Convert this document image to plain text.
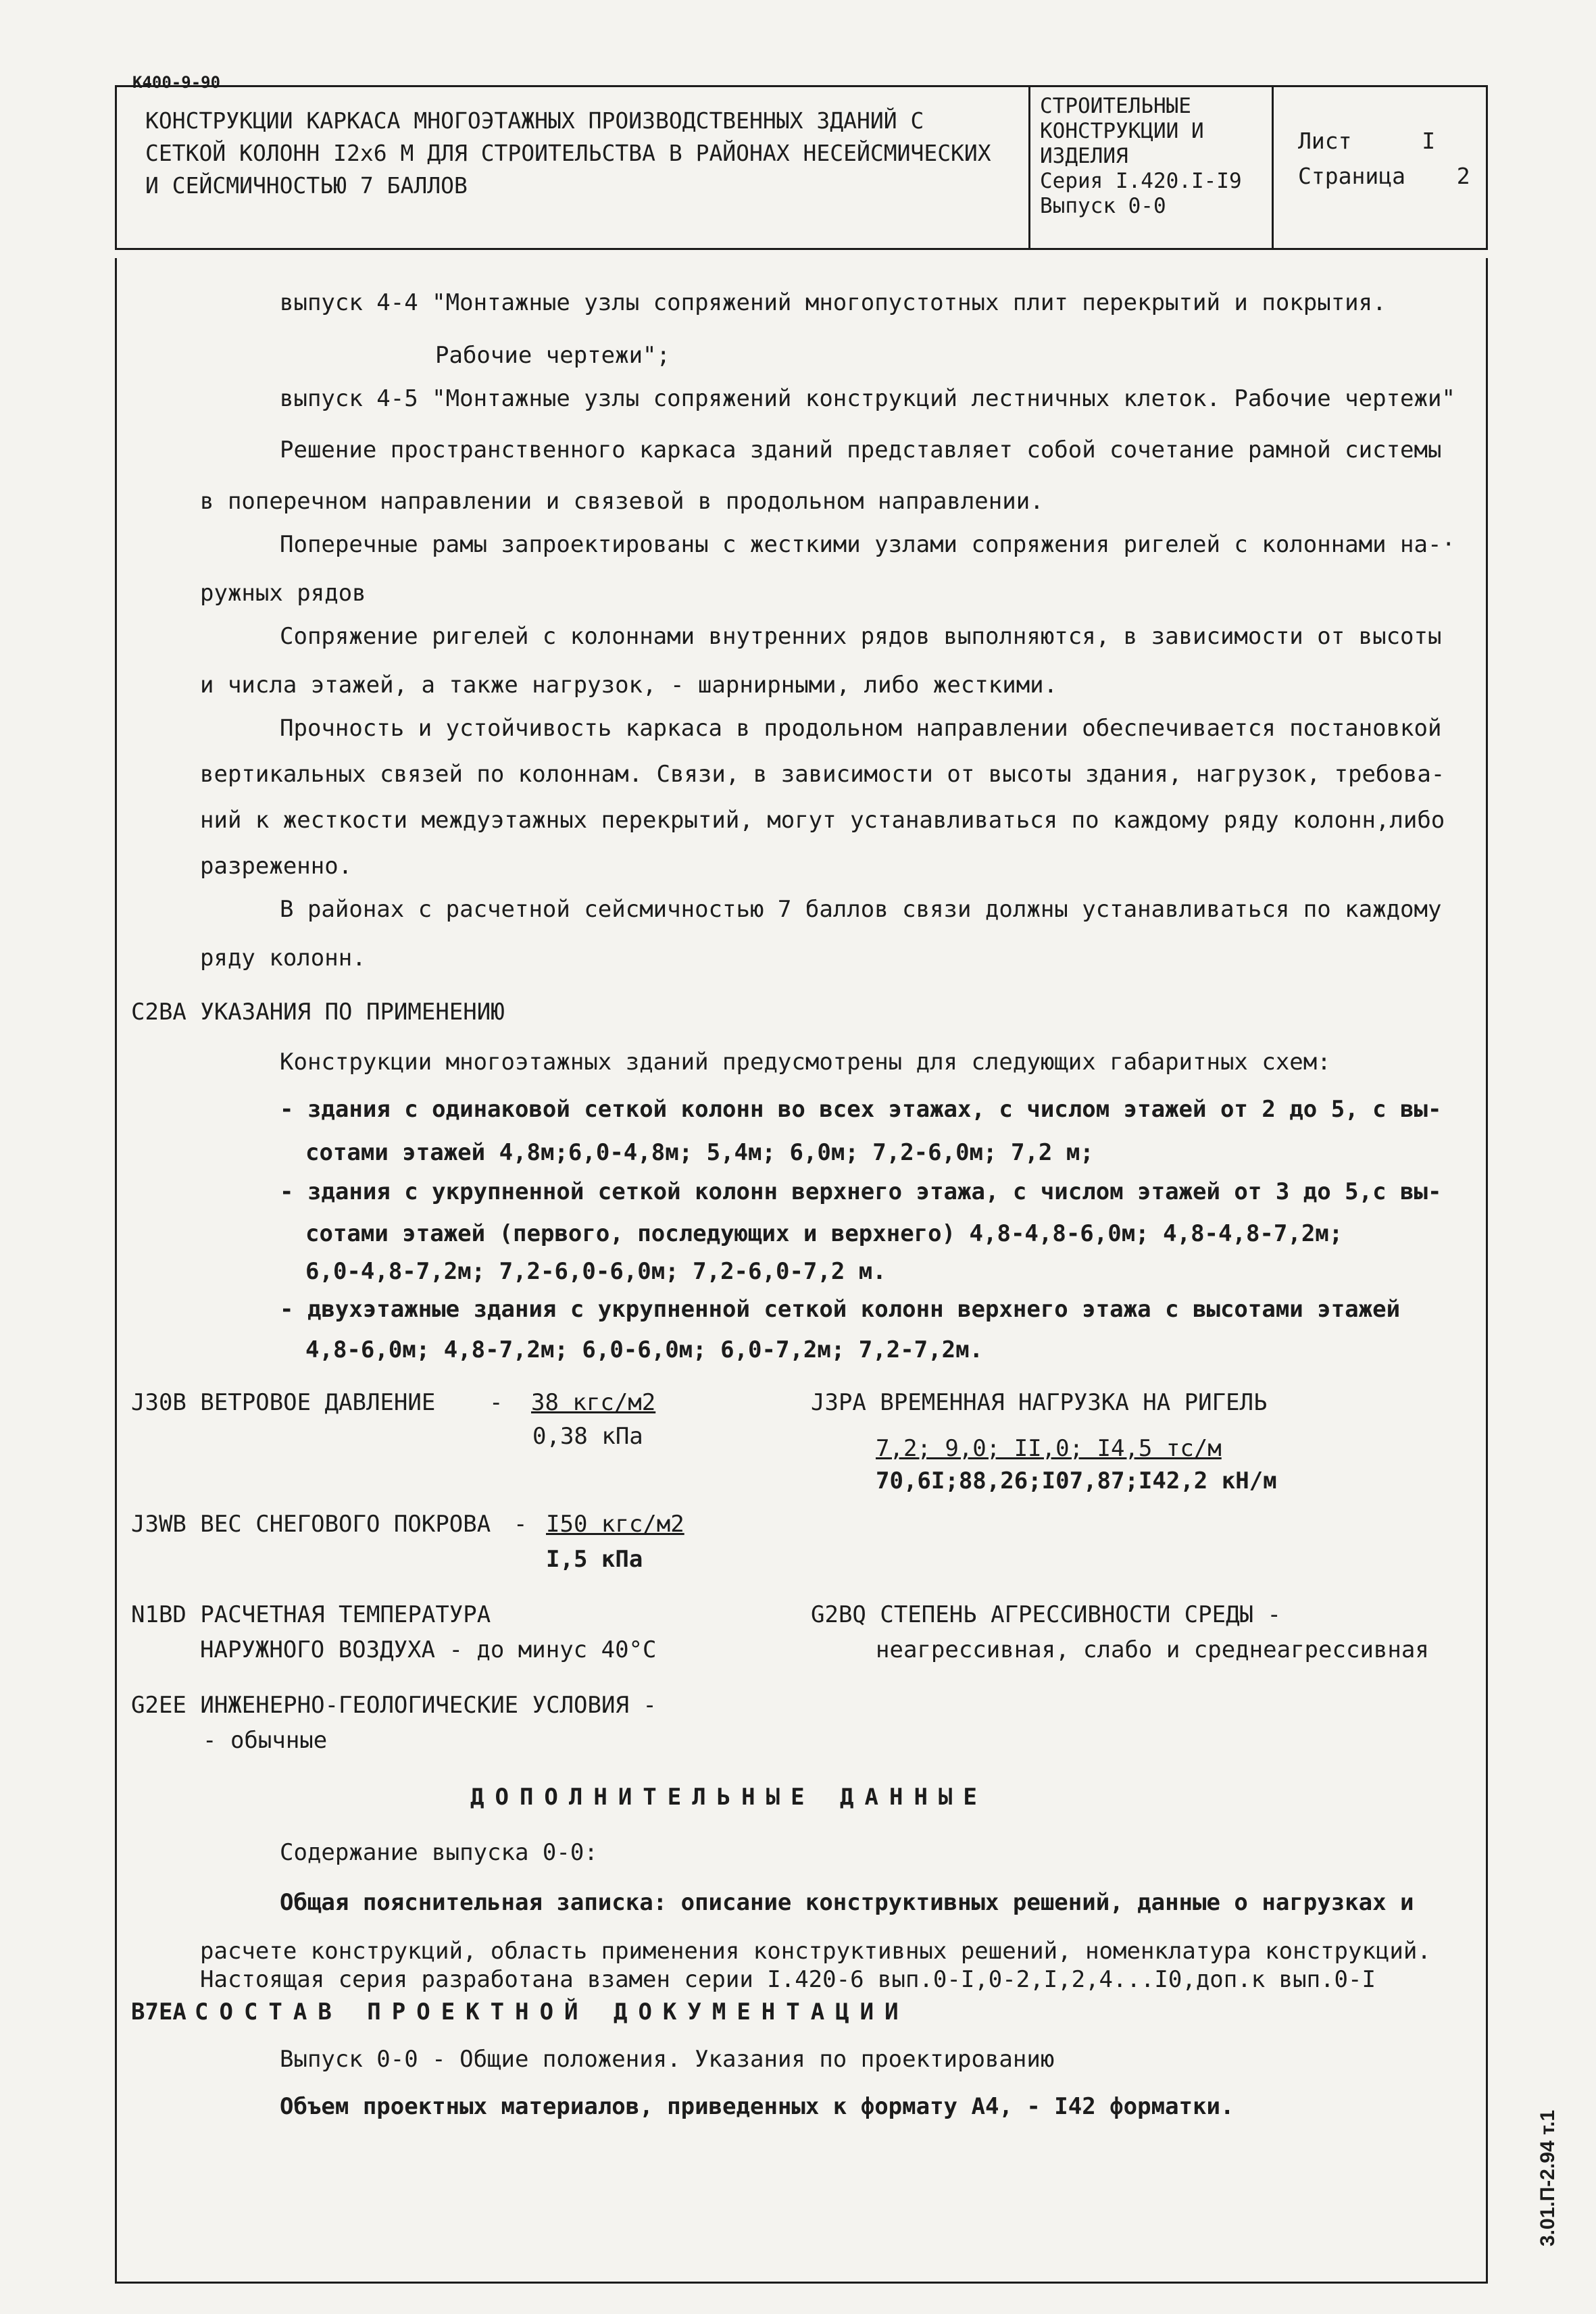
К400-9-90
КОНСТРУКЦИИ КАРКАСА МНОГОЭТАЖНЫХ ПРОИЗВОДСТВЕННЫХ ЗДАНИЙ С
СЕТКОЙ КОЛОНН I2х6 М ДЛЯ СТРОИТЕЛЬСТВА В РАЙОНАХ НЕСЕЙСМИЧЕСКИХ
И СЕЙСМИЧНОСТЬЮ 7 БАЛЛОВ
СТРОИТЕЛЬНЫЕ
КОНСТРУКЦИИ И
ИЗДЕЛИЯ
Серия I.420.I-I9
Выпуск 0-0
Лист	I
Страница 2
выпуск 4-4 "Монтажные узлы сопряжений многопустотных плит перекрытий и покрытия.
Рабочие чертежи";
выпуск 4-5 "Монтажные узлы сопряжений конструкций лестничных клеток. Рабочие чертежи"
Решение пространственного каркаса зданий представляет собой сочетание рамной системы
в поперечном направлении и связевой в продольном направлении.
Поперечные рамы запроектированы с жесткими узлами сопряжения ригелей с колоннами на-·
ружных рядов
Сопряжение ригелей с колоннами внутренних рядов выполняются, в зависимости от высоты
и числа этажей, а также нагрузок, - шарнирными, либо жесткими.
Прочность и устойчивость каркаса в продольном направлении обеспечивается постановкой
вертикальных связей по колоннам. Связи, в зависимости от высоты здания, нагрузок, требова-
ний к жесткости междуэтажных перекрытий, могут устанавливаться по каждому ряду колонн,либо
разреженно.
В районах с расчетной сейсмичностью 7 баллов связи должны устанавливаться по каждому
ряду колонн.
C2BA УКАЗАНИЯ ПО ПРИМЕНЕНИЮ
Конструкции многоэтажных зданий предусмотрены для следующих габаритных схем:
- здания с одинаковой сеткой колонн во всех этажах, с числом этажей от 2 до 5, с вы-
сотами этажей 4,8м;6,0-4,8м; 5,4м; 6,0м; 7,2-6,0м; 7,2 м;
- здания с укрупненной сеткой колонн верхнего этажа, с числом этажей от 3 до 5,с вы-
сотами этажей (первого, последующих и верхнего) 4,8-4,8-6,0м; 4,8-4,8-7,2м;
6,0-4,8-7,2м; 7,2-6,0-6,0м; 7,2-6,0-7,2 м.
- двухэтажные здания с укрупненной сеткой колонн верхнего этажа с высотами этажей
4,8-6,0м; 4,8-7,2м; 6,0-6,0м; 6,0-7,2м; 7,2-7,2м.
J30B ВЕТРОВОЕ ДАВЛЕНИЕ - 38 кгс/м2
0,38 кПа
J3PA ВРЕМЕННАЯ НАГРУЗКА НА РИГЕЛЬ
7,2; 9,0; II,0; I4,5 тс/м
70,6I;88,26;I07,87;I42,2 кН/м
J3WB ВЕС СНЕГОВОГО ПОКРОВА - I50 кгс/м2
I,5 кПа
N1BD РАСЧЕТНАЯ ТЕМПЕРАТУРА
НАРУЖНОГО ВОЗДУХА - до минус 40°С
G2BQ СТЕПЕНЬ АГРЕССИВНОСТИ СРЕДЫ -
неагрессивная, слабо и среднеагрессивная
G2EE ИНЖЕНЕРНО-ГЕОЛОГИЧЕСКИЕ УСЛОВИЯ -
- обычные
ДОПОЛНИТЕЛЬНЫЕ ДАННЫЕ
Содержание выпуска 0-0:
Общая пояснительная записка: описание конструктивных решений, данные о нагрузках и
расчете конструкций, область применения конструктивных решений, номенклатура конструкций.
Настоящая серия разработана взамен серии I.420-6 вып.0-I,0-2,I,2,4...I0,доп.к вып.0-I
B7EA СОСТАВ ПРОЕКТНОЙ ДОКУМЕНТАЦИИ
Выпуск 0-0 - Общие положения. Указания по проектированию
Объем проектных материалов, приведенных к формату А4, - I42 форматки.
3.01.П-2.94 т.1
